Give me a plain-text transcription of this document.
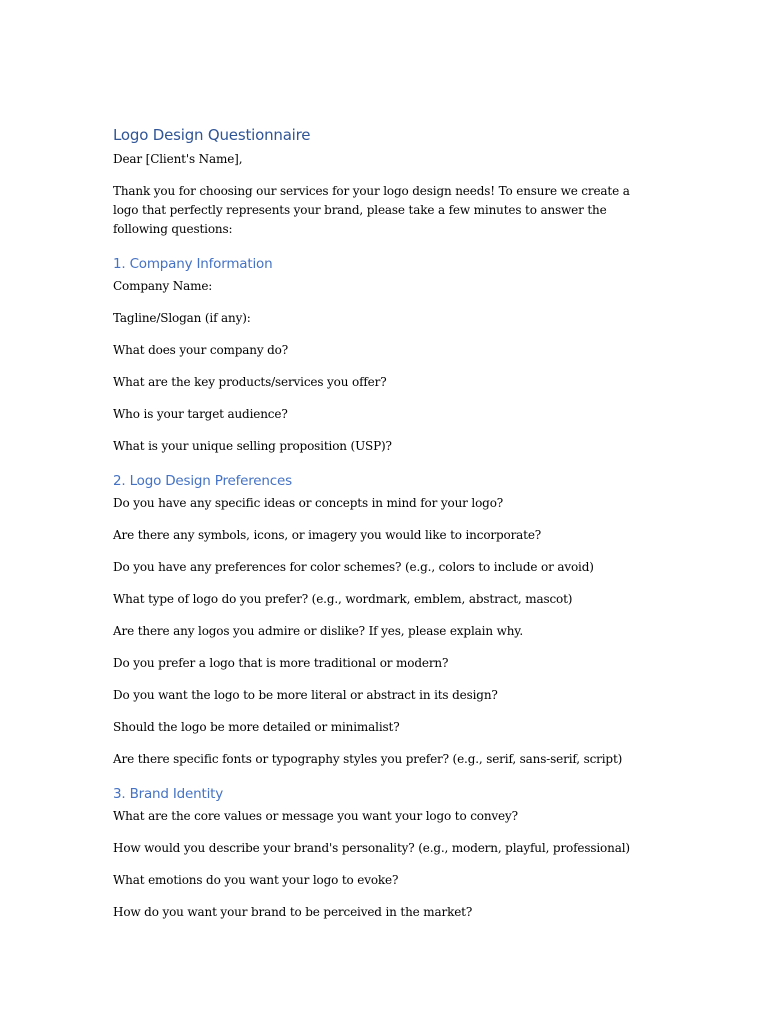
Logo Design Questionnaire

Dear [Client's Name],

Thank you for choosing our services for your logo design needs! To ensure we create a logo that perfectly represents your brand, please take a few minutes to answer the following questions:

1. Company Information

Company Name:

Tagline/Slogan (if any):

What does your company do?

What are the key products/services you offer?

Who is your target audience?

What is your unique selling proposition (USP)?

2. Logo Design Preferences

Do you have any specific ideas or concepts in mind for your logo?

Are there any symbols, icons, or imagery you would like to incorporate?

Do you have any preferences for color schemes? (e.g., colors to include or avoid)

What type of logo do you prefer? (e.g., wordmark, emblem, abstract, mascot)

Are there any logos you admire or dislike? If yes, please explain why.

Do you prefer a logo that is more traditional or modern?

Do you want the logo to be more literal or abstract in its design?

Should the logo be more detailed or minimalist?

Are there specific fonts or typography styles you prefer? (e.g., serif, sans-serif, script)

3. Brand Identity

What are the core values or message you want your logo to convey?

How would you describe your brand's personality? (e.g., modern, playful, professional)

What emotions do you want your logo to evoke?

How do you want your brand to be perceived in the market?
